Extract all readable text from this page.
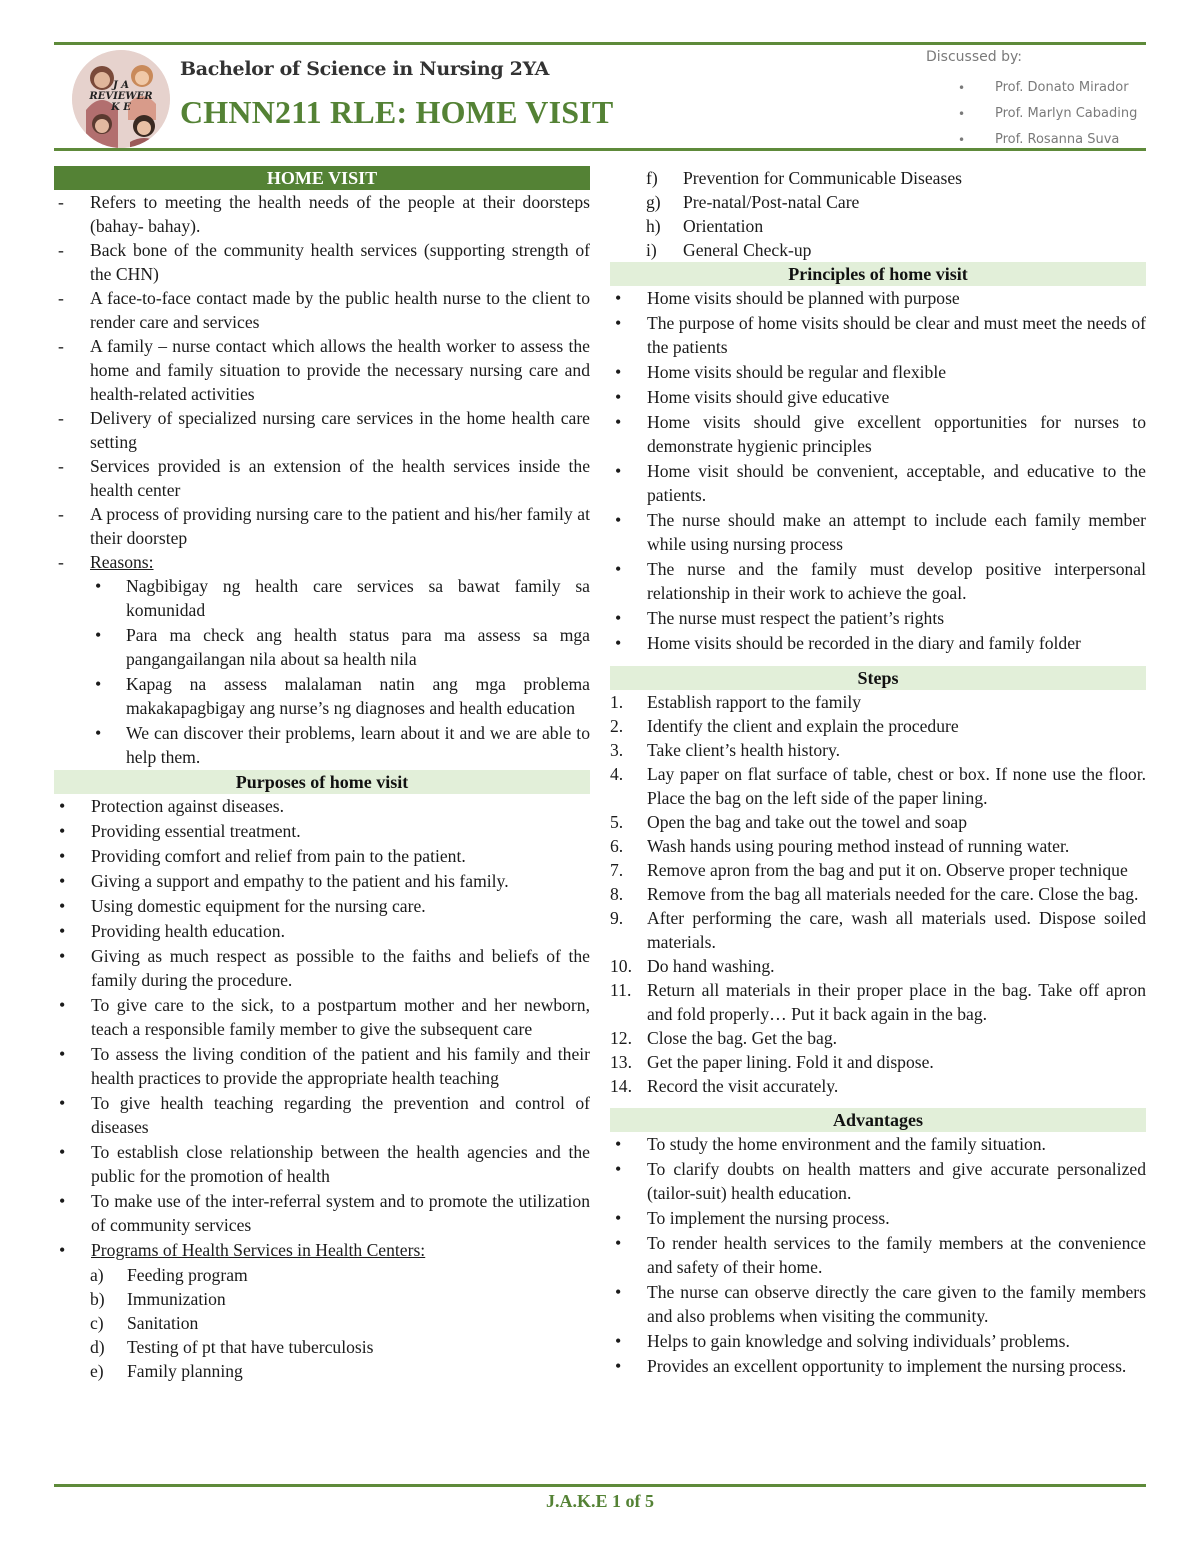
J A
REVIEWER
K E
Bachelor of Science in Nursing 2YA
CHNN211 RLE: HOME VISIT
Discussed by:
• Prof. Donato Mirador
• Prof. Marlyn Cabading
• Prof. Rosanna Suva
HOME VISIT
- Refers to meeting the health needs of the people at their doorsteps (bahay- bahay).
- Back bone of the community health services (supporting strength of the CHN)
- A face-to-face contact made by the public health nurse to the client to render care and services
- A family – nurse contact which allows the health worker to assess the home and family situation to provide the necessary nursing care and health-related activities
- Delivery of specialized nursing care services in the home health care setting
- Services provided is an extension of the health services inside the health center
- A process of providing nursing care to the patient and his/her family at their doorstep
- Reasons:
• Nagbibigay ng health care services sa bawat family sa komunidad
• Para ma check ang health status para ma assess sa mga pangangailangan nila about sa health nila
• Kapag na assess malalaman natin ang mga problema makakapagbigay ang nurse’s ng diagnoses and health education
• We can discover their problems, learn about it and we are able to help them.
Purposes of home visit
• Protection against diseases.
• Providing essential treatment.
• Providing comfort and relief from pain to the patient.
• Giving a support and empathy to the patient and his family.
• Using domestic equipment for the nursing care.
• Providing health education.
• Giving as much respect as possible to the faiths and beliefs of the family during the procedure.
• To give care to the sick, to a postpartum mother and her newborn, teach a responsible family member to give the subsequent care
• To assess the living condition of the patient and his family and their health practices to provide the appropriate health teaching
• To give health teaching regarding the prevention and control of diseases
• To establish close relationship between the health agencies and the public for the promotion of health
• To make use of the inter-referral system and to promote the utilization of community services
• Programs of Health Services in Health Centers:
a) Feeding program
b) Immunization
c) Sanitation
d) Testing of pt that have tuberculosis
e) Family planning
f) Prevention for Communicable Diseases
g) Pre-natal/Post-natal Care
h) Orientation
i) General Check-up
Principles of home visit
• Home visits should be planned with purpose
• The purpose of home visits should be clear and must meet the needs of the patients
• Home visits should be regular and flexible
• Home visits should give educative
• Home visits should give excellent opportunities for nurses to demonstrate hygienic principles
• Home visit should be convenient, acceptable, and educative to the patients.
• The nurse should make an attempt to include each family member while using nursing process
• The nurse and the family must develop positive interpersonal relationship in their work to achieve the goal.
• The nurse must respect the patient’s rights
• Home visits should be recorded in the diary and family folder
Steps
1. Establish rapport to the family
2. Identify the client and explain the procedure
3. Take client’s health history.
4. Lay paper on flat surface of table, chest or box. If none use the floor. Place the bag on the left side of the paper lining.
5. Open the bag and take out the towel and soap
6. Wash hands using pouring method instead of running water.
7. Remove apron from the bag and put it on. Observe proper technique
8. Remove from the bag all materials needed for the care. Close the bag.
9. After performing the care, wash all materials used. Dispose soiled materials.
10. Do hand washing.
11. Return all materials in their proper place in the bag. Take off apron and fold properly… Put it back again in the bag.
12. Close the bag. Get the bag.
13. Get the paper lining. Fold it and dispose.
14. Record the visit accurately.
Advantages
• To study the home environment and the family situation.
• To clarify doubts on health matters and give accurate personalized (tailor-suit) health education.
• To implement the nursing process.
• To render health services to the family members at the convenience and safety of their home.
• The nurse can observe directly the care given to the family members and also problems when visiting the community.
• Helps to gain knowledge and solving individuals’ problems.
• Provides an excellent opportunity to implement the nursing process.
J.A.K.E 1 of 5
